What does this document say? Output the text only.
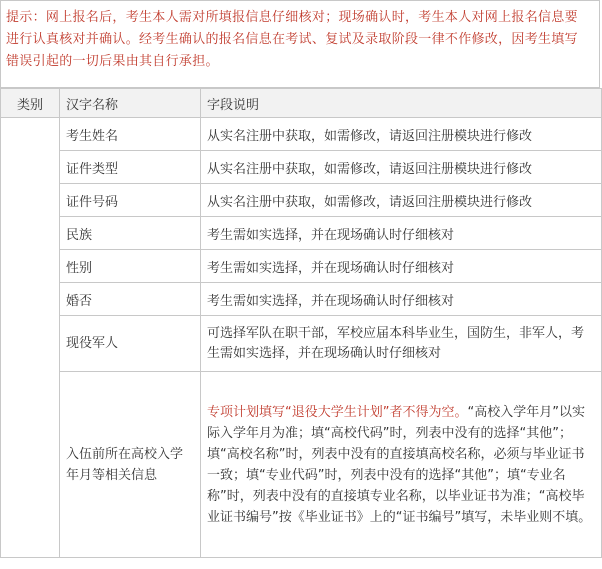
提示：网上报名后，考生本人需对所填报信息仔细核对；现场确认时，考生本人对网上报名信息要进行认真核对并确认。经考生确认的报名信息在考试、复试及录取阶段一律不作修改，因考生填写错误引起的一切后果由其自行承担。
类别	汉字名称	字段说明
	考生姓名	从实名注册中获取，如需修改，请返回注册模块进行修改
	证件类型	从实名注册中获取，如需修改，请返回注册模块进行修改
	证件号码	从实名注册中获取，如需修改，请返回注册模块进行修改
	民族	考生需如实选择，并在现场确认时仔细核对
	性别	考生需如实选择，并在现场确认时仔细核对
	婚否	考生需如实选择，并在现场确认时仔细核对
	现役军人	可选择军队在职干部，军校应届本科毕业生，国防生，非军人，考生需如实选择，并在现场确认时仔细核对
	入伍前所在高校入学年月等相关信息	专项计划填写“退役大学生计划”者不得为空。“高校入学年月”以实际入学年月为准；填“高校代码”时，列表中没有的选择“其他”；填“高校名称”时，列表中没有的直接填高校名称，必须与毕业证书一致；填“专业代码”时，列表中没有的选择“其他”；填“专业名称”时，列表中没有的直接填专业名称，以毕业证书为准；“高校毕业证书编号”按《毕业证书》上的“证书编号”填写，未毕业则不填。
